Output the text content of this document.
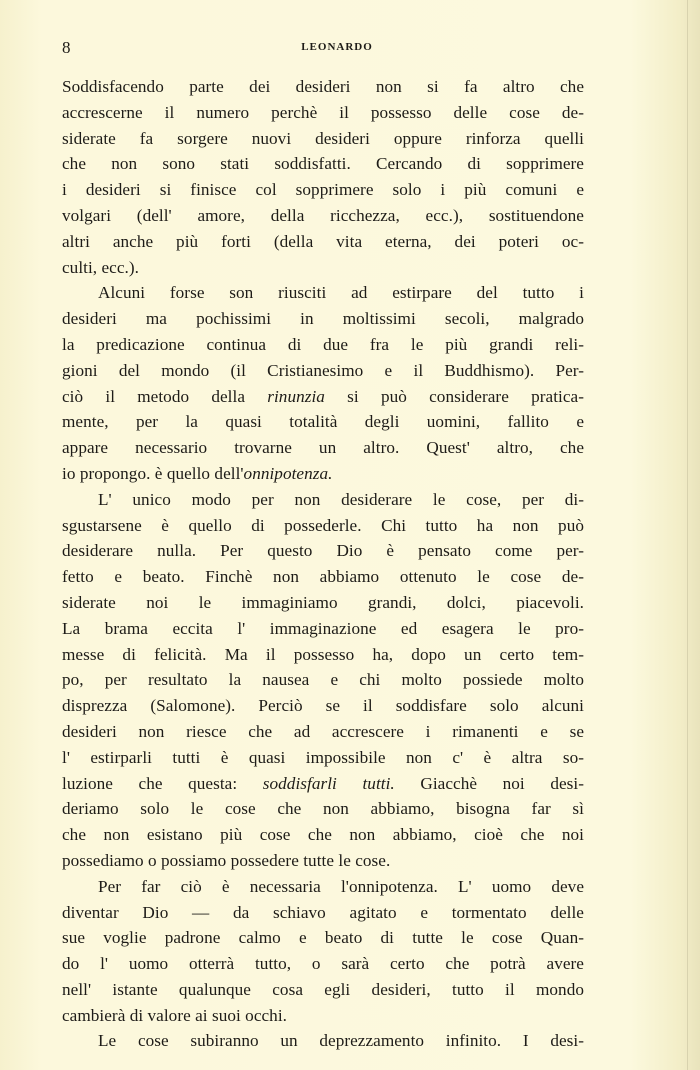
8	LEONARDO
Soddisfacendo parte dei desideri non si fa altro che
accrescerne il numero perchè il possesso delle cose de-
siderate fa sorgere nuovi desideri oppure rinforza quelli
che non sono stati soddisfatti. Cercando di sopprimere
i desideri si finisce col sopprimere solo i più comuni e
volgari (dell' amore, della ricchezza, ecc.), sostituendone
altri anche più forti (della vita eterna, dei poteri oc-
culti, ecc.).
Alcuni forse son riusciti ad estirpare del tutto i
desideri ma pochissimi in moltissimi secoli, malgrado
la predicazione continua di due fra le più grandi reli-
gioni del mondo (il Cristianesimo e il Buddhismo). Per-
ciò il metodo della rinunzia si può considerare pratica-
mente, per la quasi totalità degli uomini, fallito e
appare necessario trovarne un altro. Quest' altro, che
io propongo. è quello dell'onnipotenza.
L' unico modo per non desiderare le cose, per di-
sgustarsene è quello di possederle. Chi tutto ha non può
desiderare nulla. Per questo Dio è pensato come per-
fetto e beato. Finchè non abbiamo ottenuto le cose de-
siderate noi le immaginiamo grandi, dolci, piacevoli.
La brama eccita l' immaginazione ed esagera le pro-
messe di felicità. Ma il possesso ha, dopo un certo tem-
po, per resultato la nausea e chi molto possiede molto
disprezza (Salomone). Perciò se il soddisfare solo alcuni
desideri non riesce che ad accrescere i rimanenti e se
l' estirparli tutti è quasi impossibile non c' è altra so-
luzione che questa: soddisfarli tutti. Giacchè noi desi-
deriamo solo le cose che non abbiamo, bisogna far sì
che non esistano più cose che non abbiamo, cioè che noi
possediamo o possiamo possedere tutte le cose.
Per far ciò è necessaria l'onnipotenza. L' uomo deve
diventar Dio — da schiavo agitato e tormentato delle
sue voglie padrone calmo e beato di tutte le cose Quan-
do l' uomo otterrà tutto, o sarà certo che potrà avere
nell' istante qualunque cosa egli desideri, tutto il mondo
cambierà di valore ai suoi occhi.
Le cose subiranno un deprezzamento infinito. I desi-
